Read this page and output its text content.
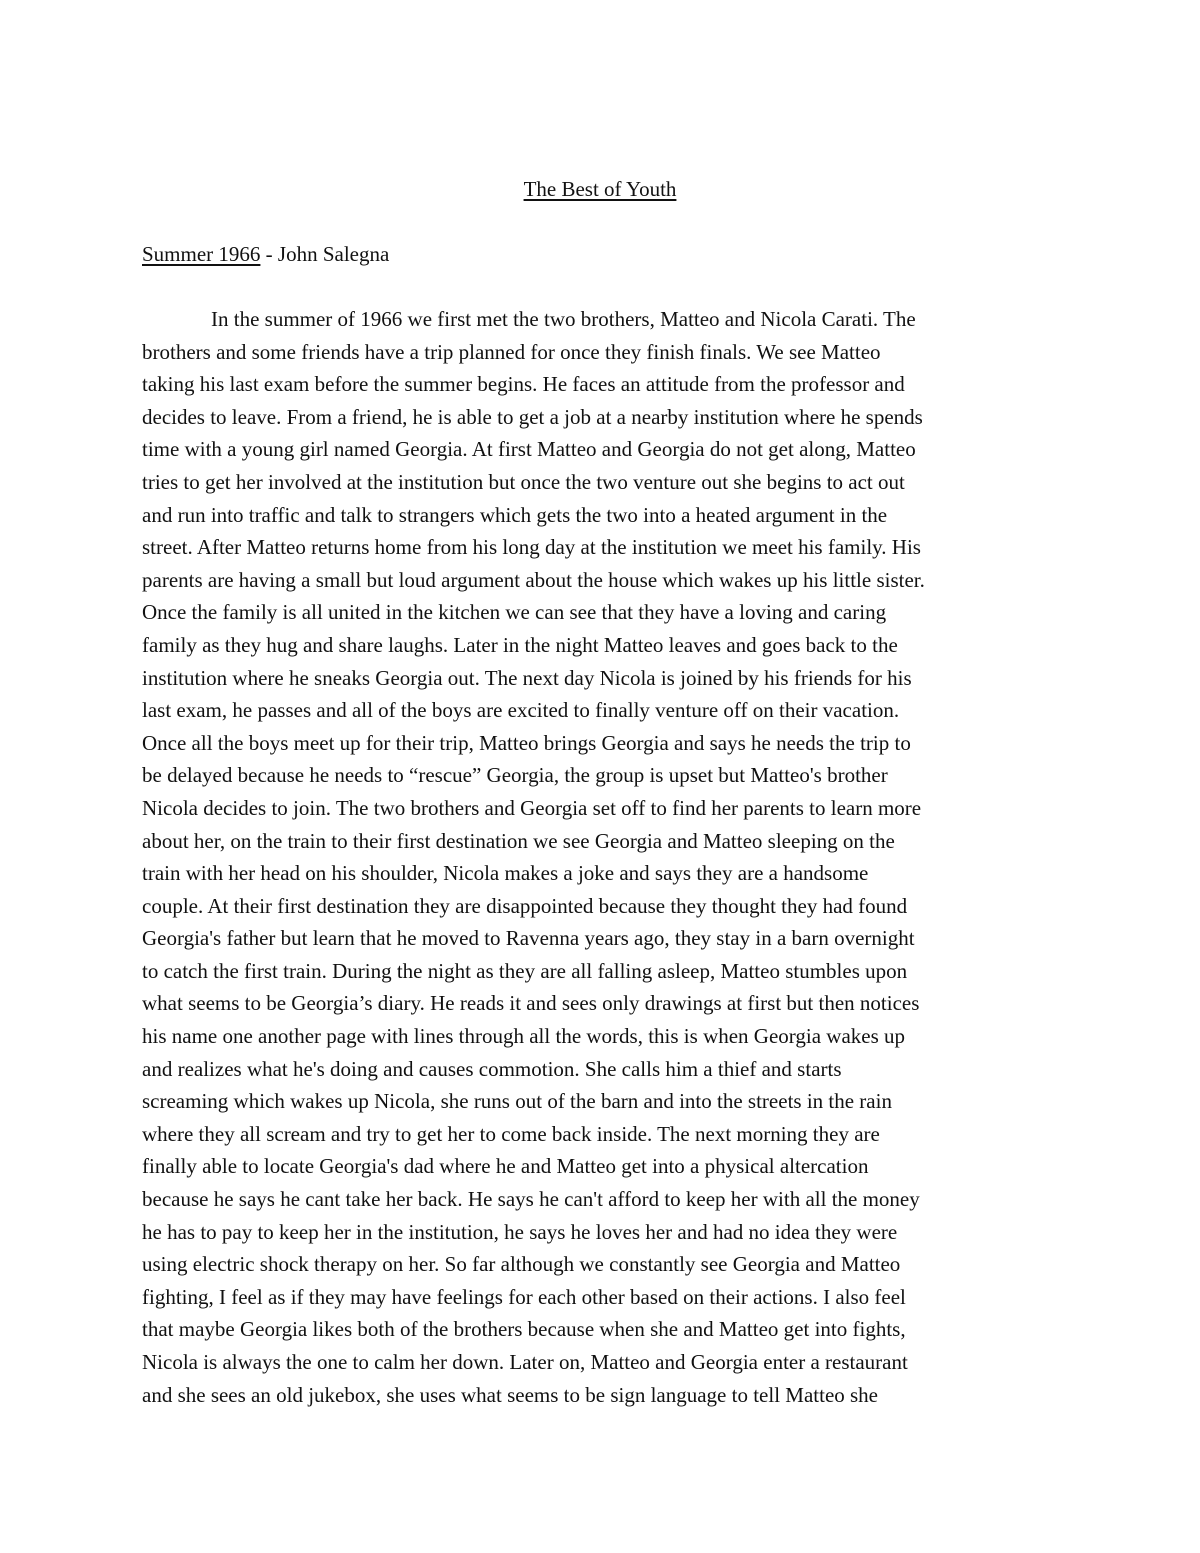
The Best of Youth
Summer 1966 - John Salegna
In the summer of 1966 we first met the two brothers, Matteo and Nicola Carati. The
brothers and some friends have a trip planned for once they finish finals. We see Matteo
taking his last exam before the summer begins. He faces an attitude from the professor and
decides to leave. From a friend, he is able to get a job at a nearby institution where he spends
time with a young girl named Georgia. At first Matteo and Georgia do not get along, Matteo
tries to get her involved at the institution but once the two venture out she begins to act out
and run into traffic and talk to strangers which gets the two into a heated argument in the
street. After Matteo returns home from his long day at the institution we meet his family. His
parents are having a small but loud argument about the house which wakes up his little sister.
Once the family is all united in the kitchen we can see that they have a loving and caring
family as they hug and share laughs. Later in the night Matteo leaves and goes back to the
institution where he sneaks Georgia out. The next day Nicola is joined by his friends for his
last exam, he passes and all of the boys are excited to finally venture off on their vacation.
Once all the boys meet up for their trip, Matteo brings Georgia and says he needs the trip to
be delayed because he needs to “rescue” Georgia, the group is upset but Matteo's brother
Nicola decides to join. The two brothers and Georgia set off to find her parents to learn more
about her, on the train to their first destination we see Georgia and Matteo sleeping on the
train with her head on his shoulder, Nicola makes a joke and says they are a handsome
couple. At their first destination they are disappointed because they thought they had found
Georgia's father but learn that he moved to Ravenna years ago, they stay in a barn overnight
to catch the first train. During the night as they are all falling asleep, Matteo stumbles upon
what seems to be Georgia’s diary. He reads it and sees only drawings at first but then notices
his name one another page with lines through all the words, this is when Georgia wakes up
and realizes what he's doing and causes commotion. She calls him a thief and starts
screaming which wakes up Nicola, she runs out of the barn and into the streets in the rain
where they all scream and try to get her to come back inside. The next morning they are
finally able to locate Georgia's dad where he and Matteo get into a physical altercation
because he says he cant take her back. He says he can't afford to keep her with all the money
he has to pay to keep her in the institution, he says he loves her and had no idea they were
using electric shock therapy on her. So far although we constantly see Georgia and Matteo
fighting, I feel as if they may have feelings for each other based on their actions. I also feel
that maybe Georgia likes both of the brothers because when she and Matteo get into fights,
Nicola is always the one to calm her down. Later on, Matteo and Georgia enter a restaurant
and she sees an old jukebox, she uses what seems to be sign language to tell Matteo she
